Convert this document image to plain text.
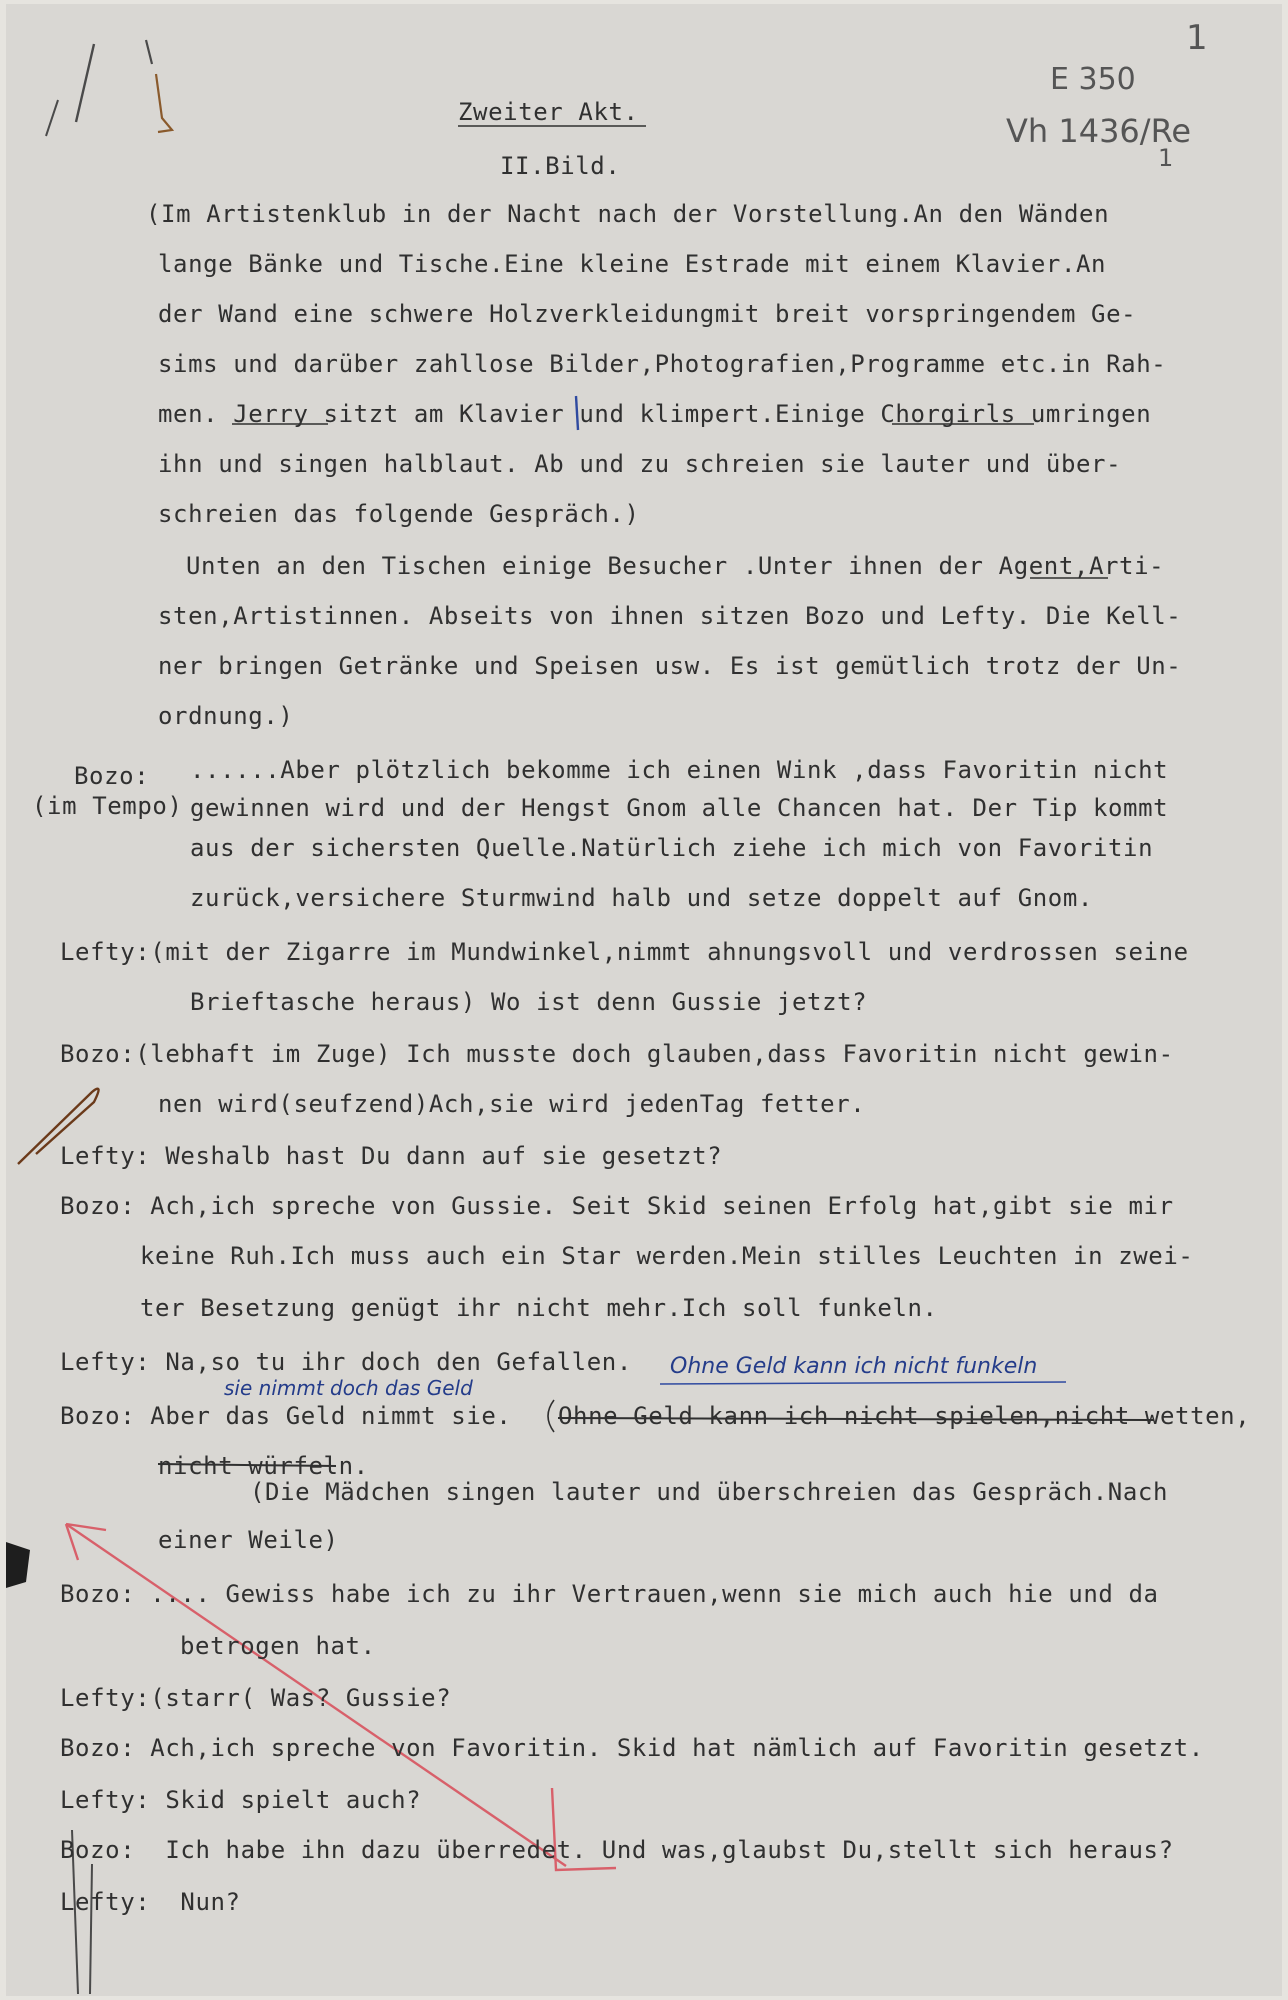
1
E 350
Vh 1436/Re
1
Zweiter Akt.
II.Bild.
(Im Artistenklub in der Nacht nach der Vorstellung.An den Wänden
lange Bänke und Tische.Eine kleine Estrade mit einem Klavier.An
der Wand eine schwere Holzverkleidungmit breit vorspringendem Ge-
sims und darüber zahllose Bilder,Photografien,Programme etc.in Rah-
men. Jerry sitzt am Klavier und klimpert.Einige Chorgirls umringen
ihn und singen halblaut. Ab und zu schreien sie lauter und über-
schreien das folgende Gespräch.)
Unten an den Tischen einige Besucher .Unter ihnen der Agent,Arti-
sten,Artistinnen. Abseits von ihnen sitzen Bozo und Lefty. Die Kell-
ner bringen Getränke und Speisen usw. Es ist gemütlich trotz der Un-
ordnung.)
Bozo:
(im Tempo)
......Aber plötzlich bekomme ich einen Wink ,dass Favoritin nicht
gewinnen wird und der Hengst Gnom alle Chancen hat. Der Tip kommt
aus der sichersten Quelle.Natürlich ziehe ich mich von Favoritin
zurück,versichere Sturmwind halb und setze doppelt auf Gnom.
Lefty:(mit der Zigarre im Mundwinkel,nimmt ahnungsvoll und verdrossen seine
Brieftasche heraus) Wo ist denn Gussie jetzt?
Bozo:(lebhaft im Zuge) Ich musste doch glauben,dass Favoritin nicht gewin-
nen wird(seufzend)Ach,sie wird jedenTag fetter.
Lefty: Weshalb hast Du dann auf sie gesetzt?
Bozo: Ach,ich spreche von Gussie. Seit Skid seinen Erfolg hat,gibt sie mir
keine Ruh.Ich muss auch ein Star werden.Mein stilles Leuchten in zwei-
ter Besetzung genügt ihr nicht mehr.Ich soll funkeln.
Lefty: Na,so tu ihr doch den Gefallen.
sie nimmt doch das Geld
Ohne Geld kann ich nicht funkeln
Bozo: Aber das Geld nimmt sie. Ohne Geld kann ich nicht spielen,nicht wetten,
nicht würfeln.
(Die Mädchen singen lauter und überschreien das Gespräch.Nach
einer Weile)
Bozo: .... Gewiss habe ich zu ihr Vertrauen,wenn sie mich auch hie und da
betrogen hat.
Lefty:(starr( Was? Gussie?
Bozo: Ach,ich spreche von Favoritin. Skid hat nämlich auf Favoritin gesetzt.
Lefty: Skid spielt auch?
Bozo:  Ich habe ihn dazu überredet. Und was,glaubst Du,stellt sich heraus?
Lefty:  Nun?
